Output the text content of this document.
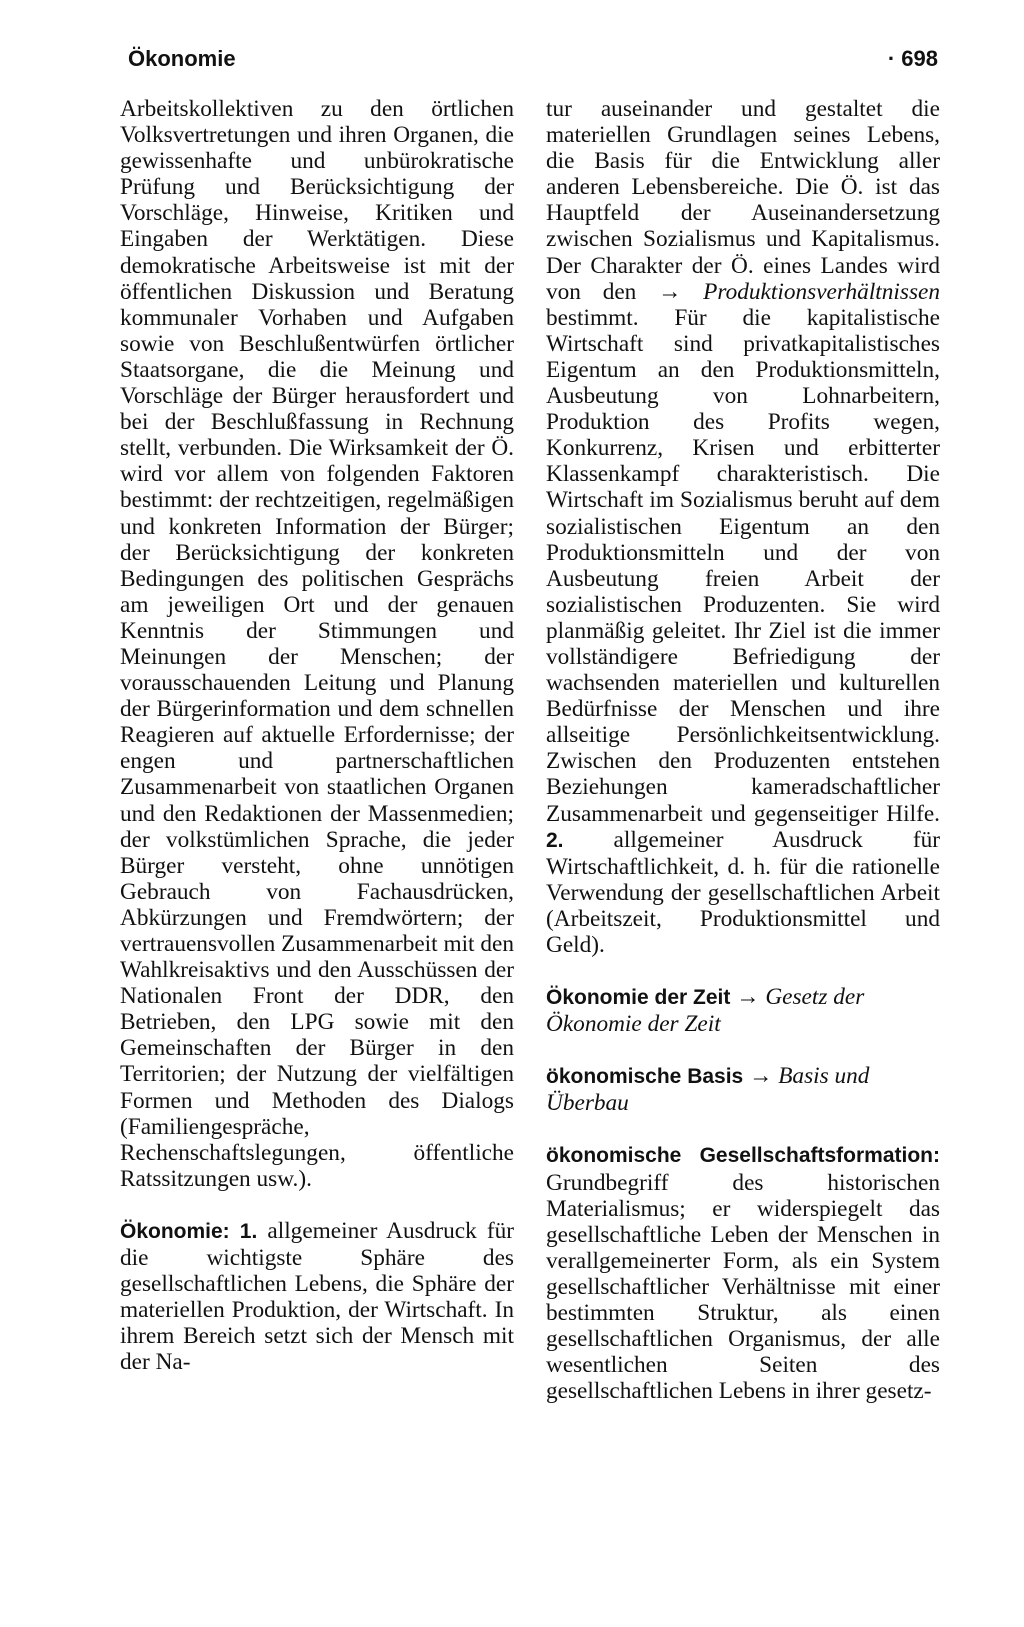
Ökonomie	· 698

Arbeitskollektiven zu den örtlichen Volksvertretungen und ihren Organen, die gewissenhafte und unbürokratische Prüfung und Berücksichtigung der Vorschläge, Hinweise, Kritiken und Eingaben der Werktätigen. Diese demokratische Arbeitsweise ist mit der öffentlichen Diskussion und Beratung kommunaler Vorhaben und Aufgaben sowie von Beschlußentwürfen örtlicher Staatsorgane, die die Meinung und Vorschläge der Bürger herausfordert und bei der Beschlußfassung in Rechnung stellt, verbunden. Die Wirksamkeit der Ö. wird vor allem von folgenden Faktoren bestimmt: der rechtzeitigen, regelmäßigen und konkreten Information der Bürger; der Berücksichtigung der konkreten Bedingungen des politischen Gesprächs am jeweiligen Ort und der genauen Kenntnis der Stimmungen und Meinungen der Menschen; der vorausschauenden Leitung und Planung der Bürgerinformation und dem schnellen Reagieren auf aktuelle Erfordernisse; der engen und partnerschaftlichen Zusammenarbeit von staatlichen Organen und den Redaktionen der Massenmedien; der volkstümlichen Sprache, die jeder Bürger versteht, ohne unnötigen Gebrauch von Fachausdrücken, Abkürzungen und Fremdwörtern; der vertrauensvollen Zusammenarbeit mit den Wahlkreisaktivs und den Ausschüssen der Nationalen Front der DDR, den Betrieben, den LPG sowie mit den Gemeinschaften der Bürger in den Territorien; der Nutzung der vielfältigen Formen und Methoden des Dialogs (Familiengespräche, Rechenschaftslegungen, öffentliche Ratssitzungen usw.).

Ökonomie: 1. allgemeiner Ausdruck für die wichtigste Sphäre des gesellschaftlichen Lebens, die Sphäre der materiellen Produktion, der Wirtschaft. In ihrem Bereich setzt sich der Mensch mit der Na-

tur auseinander und gestaltet die materiellen Grundlagen seines Lebens, die Basis für die Entwicklung aller anderen Lebensbereiche. Die Ö. ist das Hauptfeld der Auseinandersetzung zwischen Sozialismus und Kapitalismus. Der Charakter der Ö. eines Landes wird von den → Produktionsverhältnissen bestimmt. Für die kapitalistische Wirtschaft sind privatkapitalistisches Eigentum an den Produktionsmitteln, Ausbeutung von Lohnarbeitern, Produktion des Profits wegen, Konkurrenz, Krisen und erbitterter Klassenkampf charakteristisch. Die Wirtschaft im Sozialismus beruht auf dem sozialistischen Eigentum an den Produktionsmitteln und der von Ausbeutung freien Arbeit der sozialistischen Produzenten. Sie wird planmäßig geleitet. Ihr Ziel ist die immer vollständigere Befriedigung der wachsenden materiellen und kulturellen Bedürfnisse der Menschen und ihre allseitige Persönlichkeitsentwicklung. Zwischen den Produzenten entstehen Beziehungen kameradschaftlicher Zusammenarbeit und gegenseitiger Hilfe. 2. allgemeiner Ausdruck für Wirtschaftlichkeit, d. h. für die rationelle Verwendung der gesellschaftlichen Arbeit (Arbeitszeit, Produktionsmittel und Geld).

Ökonomie der Zeit → Gesetz der Ökonomie der Zeit

ökonomische Basis → Basis und Überbau

ökonomische Gesellschaftsformation: Grundbegriff des historischen Materialismus; er widerspiegelt das gesellschaftliche Leben der Menschen in verallgemeinerter Form, als ein System gesellschaftlicher Verhältnisse mit einer bestimmten Struktur, als einen gesellschaftlichen Organismus, der alle wesentlichen Seiten des gesellschaftlichen Lebens in ihrer gesetz-
